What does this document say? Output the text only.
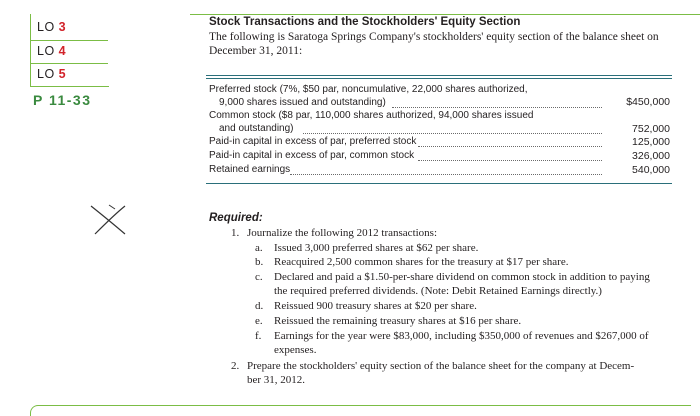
LO 3
LO 4
LO 5
P 11-33
Stock Transactions and the Stockholders' Equity Section
The following is Saratoga Springs Company's stockholders' equity section of the balance sheet on
December 31, 2011:
Preferred stock (7%, $50 par, noncumulative, 22,000 shares authorized,
9,000 shares issued and outstanding)	$450,000
Common stock ($8 par, 110,000 shares authorized, 94,000 shares issued
and outstanding)	752,000
Paid-in capital in excess of par, preferred stock	125,000
Paid-in capital in excess of par, common stock	326,000
Retained earnings	540,000
Required:
1. Journalize the following 2012 transactions:
a. Issued 3,000 preferred shares at $62 per share.
b. Reacquired 2,500 common shares for the treasury at $17 per share.
c. Declared and paid a $1.50-per-share dividend on common stock in addition to paying
the required preferred dividends. (Note: Debit Retained Earnings directly.)
d. Reissued 900 treasury shares at $20 per share.
e. Reissued the remaining treasury shares at $16 per share.
f. Earnings for the year were $83,000, including $350,000 of revenues and $267,000 of
expenses.
2. Prepare the stockholders' equity section of the balance sheet for the company at Decem-
ber 31, 2012.
